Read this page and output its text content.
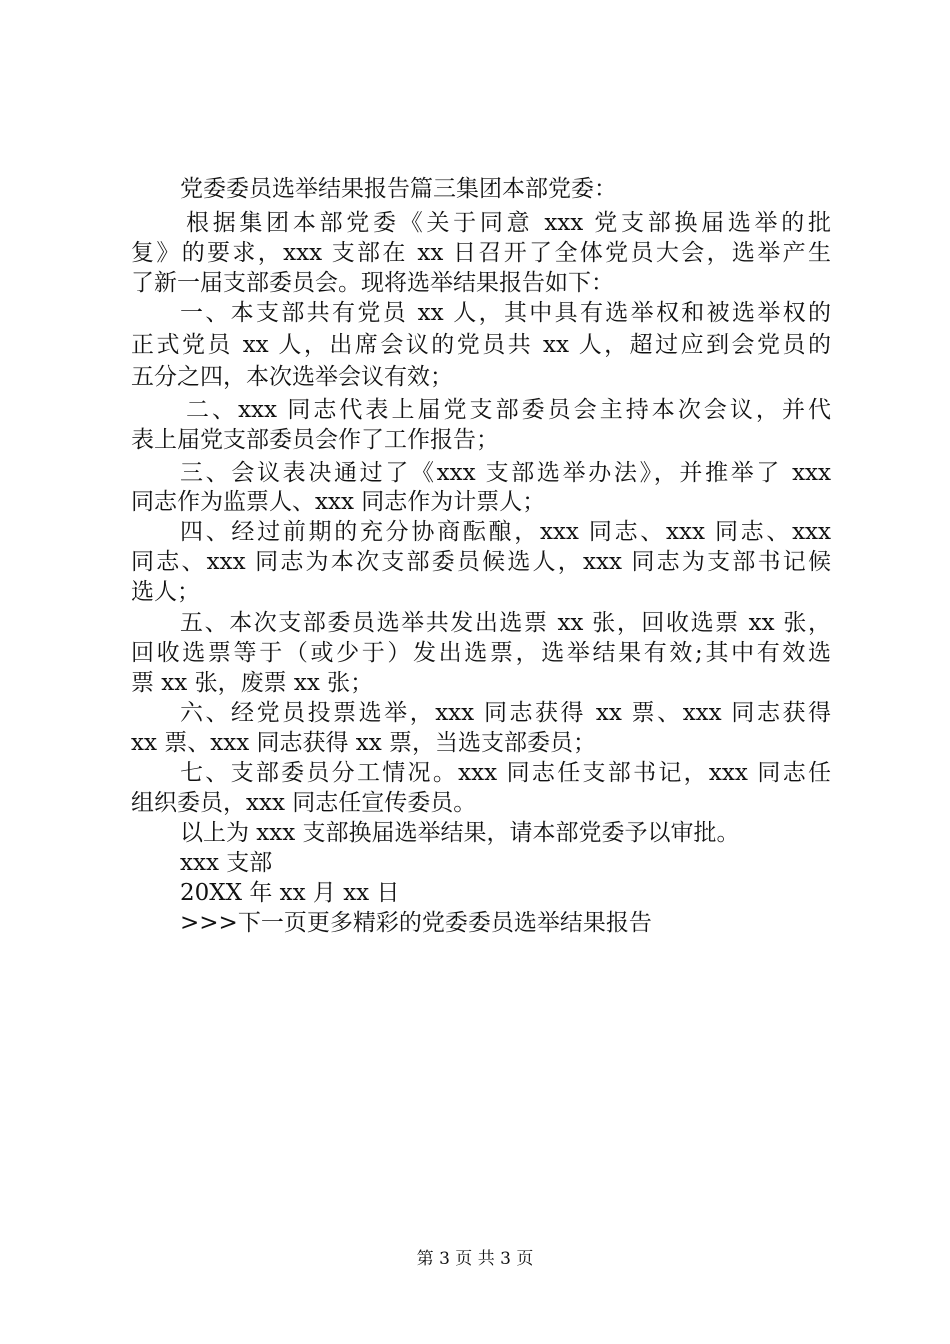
党委委员选举结果报告篇三集团本部党委：
根据集团本部党委《关于同意 xxx 党支部换届选举的批
复》的要求，xxx 支部在 xx 日召开了全体党员大会，选举产生
了新一届支部委员会。现将选举结果报告如下：
一、本支部共有党员 xx 人，其中具有选举权和被选举权的
正式党员 xx 人，出席会议的党员共 xx 人，超过应到会党员的
五分之四，本次选举会议有效；
二、xxx 同志代表上届党支部委员会主持本次会议，并代
表上届党支部委员会作了工作报告；
三、会议表决通过了《xxx 支部选举办法》，并推举了 xxx
同志作为监票人、xxx 同志作为计票人；
四、经过前期的充分协商酝酿，xxx 同志、xxx 同志、xxx
同志、xxx 同志为本次支部委员候选人，xxx 同志为支部书记候
选人；
五、本次支部委员选举共发出选票 xx 张，回收选票 xx 张，
回收选票等于（或少于）发出选票，选举结果有效;其中有效选
票 xx 张，废票 xx 张；
六、经党员投票选举，xxx 同志获得 xx 票、xxx 同志获得
xx 票、xxx 同志获得 xx 票，当选支部委员；
七、支部委员分工情况。xxx 同志任支部书记，xxx 同志任
组织委员，xxx 同志任宣传委员。
以上为 xxx 支部换届选举结果，请本部党委予以审批。
xxx 支部
20XX 年 xx 月 xx 日
>>>下一页更多精彩的党委委员选举结果报告
第 3 页 共 3 页
